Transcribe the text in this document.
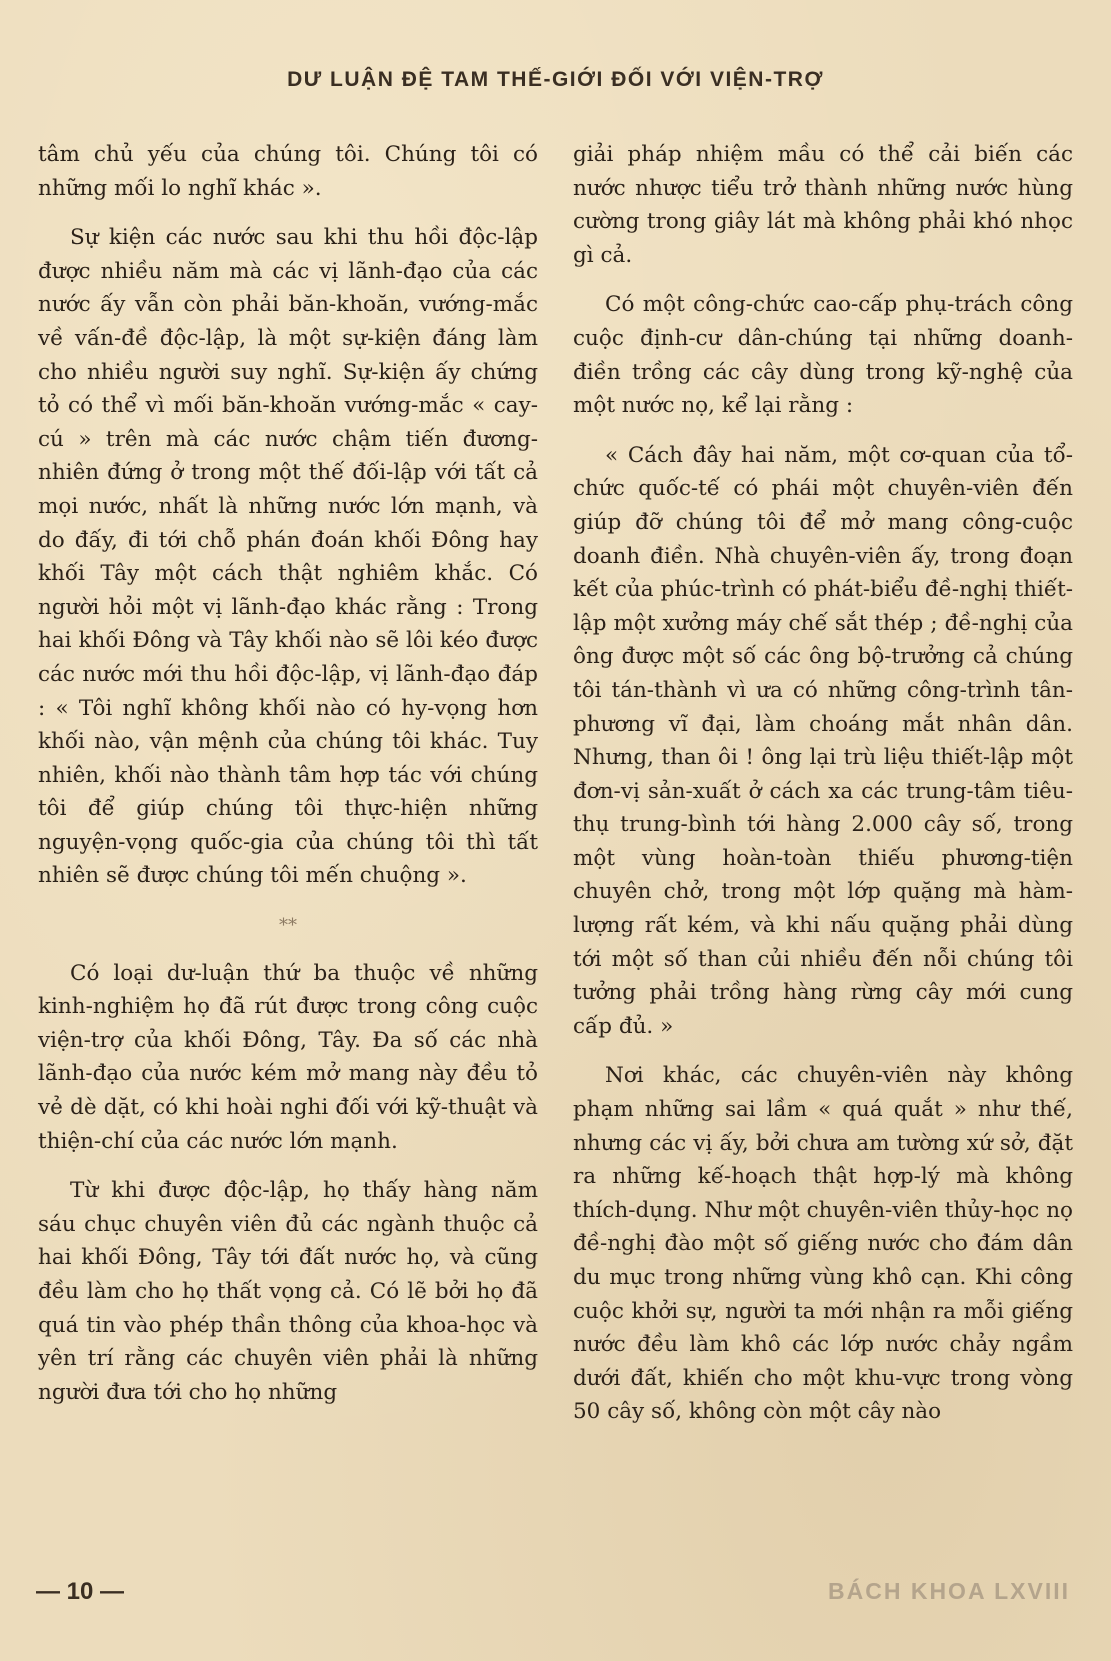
DƯ LUẬN ĐỆ TAM THẾ-GIỚI ĐỐI VỚI VIỆN-TRỢ

tâm chủ yếu của chúng tôi. Chúng tôi có những mối lo nghĩ khác ».

Sự kiện các nước sau khi thu hồi độc-lập được nhiều năm mà các vị lãnh-đạo của các nước ấy vẫn còn phải băn-khoăn, vướng-mắc về vấn-đề độc-lập, là một sự-kiện đáng làm cho nhiều người suy nghĩ. Sự-kiện ấy chứng tỏ có thể vì mối băn-khoăn vướng-mắc « cay-cú » trên mà các nước chậm tiến đương-nhiên đứng ở trong một thế đối-lập với tất cả mọi nước, nhất là những nước lớn mạnh, và do đấy, đi tới chỗ phán đoán khối Đông hay khối Tây một cách thật nghiêm khắc. Có người hỏi một vị lãnh-đạo khác rằng : Trong hai khối Đông và Tây khối nào sẽ lôi kéo được các nước mới thu hồi độc-lập, vị lãnh-đạo đáp : « Tôi nghĩ không khối nào có hy-vọng hơn khối nào, vận mệnh của chúng tôi khác. Tuy nhiên, khối nào thành tâm hợp tác với chúng tôi để giúp chúng tôi thực-hiện những nguyện-vọng quốc-gia của chúng tôi thì tất nhiên sẽ được chúng tôi mến chuộng ».

**

Có loại dư-luận thứ ba thuộc về những kinh-nghiệm họ đã rút được trong công cuộc viện-trợ của khối Đông, Tây. Đa số các nhà lãnh-đạo của nước kém mở mang này đều tỏ vẻ dè dặt, có khi hoài nghi đối với kỹ-thuật và thiện-chí của các nước lớn mạnh.

Từ khi được độc-lập, họ thấy hàng năm sáu chục chuyên viên đủ các ngành thuộc cả hai khối Đông, Tây tới đất nước họ, và cũng đều làm cho họ thất vọng cả. Có lẽ bởi họ đã quá tin vào phép thần thông của khoa-học và yên trí rằng các chuyên viên phải là những người đưa tới cho họ những

giải pháp nhiệm mầu có thể cải biến các nước nhược tiểu trở thành những nước hùng cường trong giây lát mà không phải khó nhọc gì cả.

Có một công-chức cao-cấp phụ-trách công cuộc định-cư dân-chúng tại những doanh-điền trồng các cây dùng trong kỹ-nghệ của một nước nọ, kể lại rằng :

« Cách đây hai năm, một cơ-quan của tổ-chức quốc-tế có phái một chuyên-viên đến giúp đỡ chúng tôi để mở mang công-cuộc doanh điền. Nhà chuyên-viên ấy, trong đoạn kết của phúc-trình có phát-biểu đề-nghị thiết-lập một xưởng máy chế sắt thép ; đề-nghị của ông được một số các ông bộ-trưởng cả chúng tôi tán-thành vì ưa có những công-trình tân-phương vĩ đại, làm choáng mắt nhân dân. Nhưng, than ôi ! ông lại trù liệu thiết-lập một đơn-vị sản-xuất ở cách xa các trung-tâm tiêu-thụ trung-bình tới hàng 2.000 cây số, trong một vùng hoàn-toàn thiếu phương-tiện chuyên chở, trong một lớp quặng mà hàm-lượng rất kém, và khi nấu quặng phải dùng tới một số than củi nhiều đến nỗi chúng tôi tưởng phải trồng hàng rừng cây mới cung cấp đủ. »

Nơi khác, các chuyên-viên này không phạm những sai lầm « quá quắt » như thế, nhưng các vị ấy, bởi chưa am tường xứ sở, đặt ra những kế-hoạch thật hợp-lý mà không thích-dụng. Như một chuyên-viên thủy-học nọ đề-nghị đào một số giếng nước cho đám dân du mục trong những vùng khô cạn. Khi công cuộc khởi sự, người ta mới nhận ra mỗi giếng nước đều làm khô các lớp nước chảy ngầm dưới đất, khiến cho một khu-vực trong vòng 50 cây số, không còn một cây nào

— 10 —	BÁCH KHOA LXVIII
